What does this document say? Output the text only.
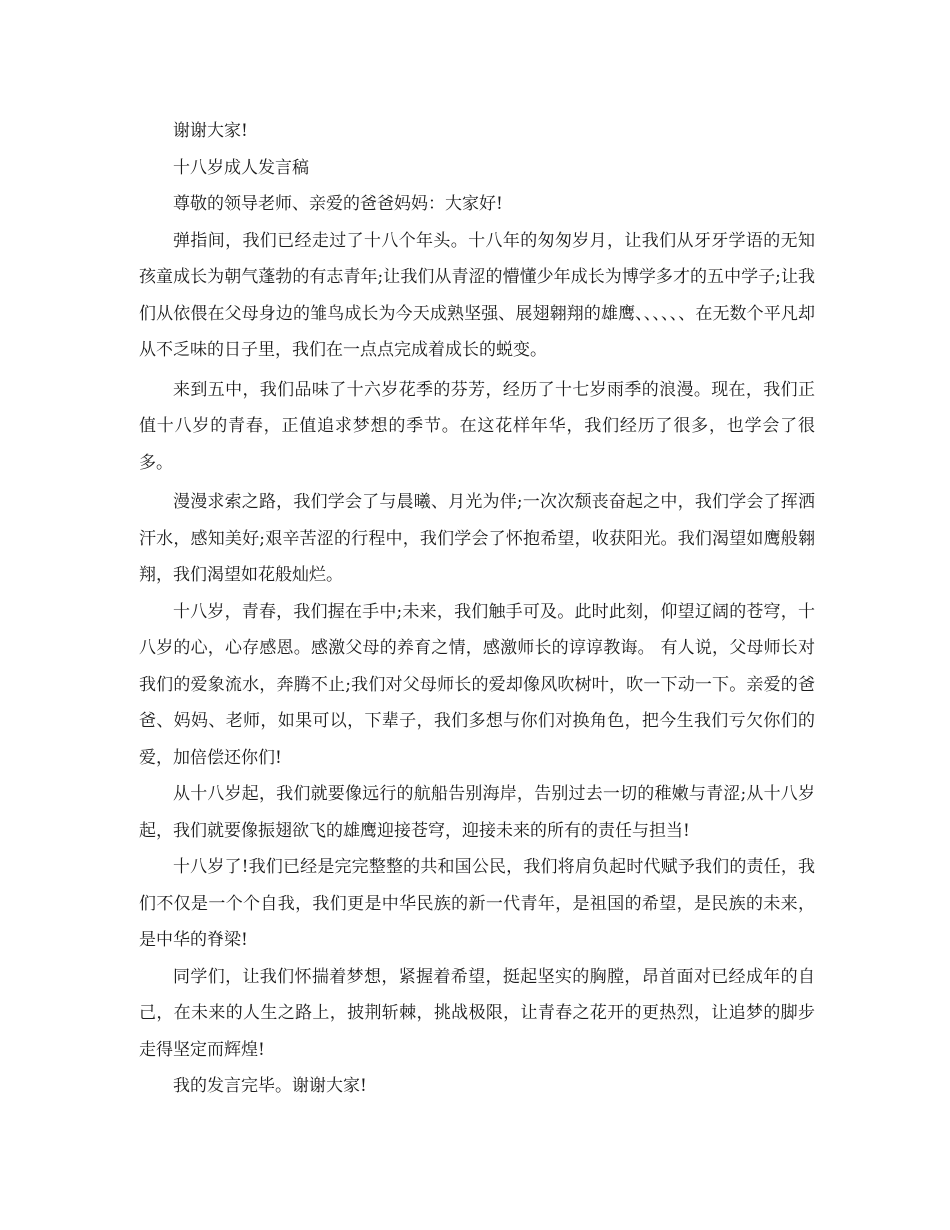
谢谢大家!

十八岁成人发言稿

尊敬的领导老师、亲爱的爸爸妈妈：大家好!

弹指间，我们已经走过了十八个年头。十八年的匆匆岁月，让我们从牙牙学语的无知孩童成长为朝气蓬勃的有志青年;让我们从青涩的懵懂少年成长为博学多才的五中学子;让我们从依偎在父母身边的雏鸟成长为今天成熟坚强、展翅翱翔的雄鹰、、、、、、在无数个平凡却从不乏味的日子里，我们在一点点完成着成长的蜕变。

来到五中，我们品味了十六岁花季的芬芳，经历了十七岁雨季的浪漫。现在，我们正值十八岁的青春，正值追求梦想的季节。在这花样年华，我们经历了很多，也学会了很多。

漫漫求索之路，我们学会了与晨曦、月光为伴;一次次颓丧奋起之中，我们学会了挥洒汗水，感知美好;艰辛苦涩的行程中，我们学会了怀抱希望，收获阳光。我们渴望如鹰般翱翔，我们渴望如花般灿烂。

十八岁，青春，我们握在手中;未来，我们触手可及。此时此刻，仰望辽阔的苍穹，十八岁的心，心存感恩。感激父母的养育之情，感激师长的谆谆教诲。 有人说，父母师长对我们的爱象流水，奔腾不止;我们对父母师长的爱却像风吹树叶，吹一下动一下。亲爱的爸爸、妈妈、老师，如果可以，下辈子，我们多想与你们对换角色，把今生我们亏欠你们的爱，加倍偿还你们!

从十八岁起，我们就要像远行的航船告别海岸，告别过去一切的稚嫩与青涩;从十八岁起，我们就要像振翅欲飞的雄鹰迎接苍穹，迎接未来的所有的责任与担当!

十八岁了!我们已经是完完整整的共和国公民，我们将肩负起时代赋予我们的责任，我们不仅是一个个自我，我们更是中华民族的新一代青年，是祖国的希望，是民族的未来，是中华的脊梁!

同学们，让我们怀揣着梦想，紧握着希望，挺起坚实的胸膛，昂首面对已经成年的自己，在未来的人生之路上，披荆斩棘，挑战极限，让青春之花开的更热烈，让追梦的脚步走得坚定而辉煌!

我的发言完毕。谢谢大家!
